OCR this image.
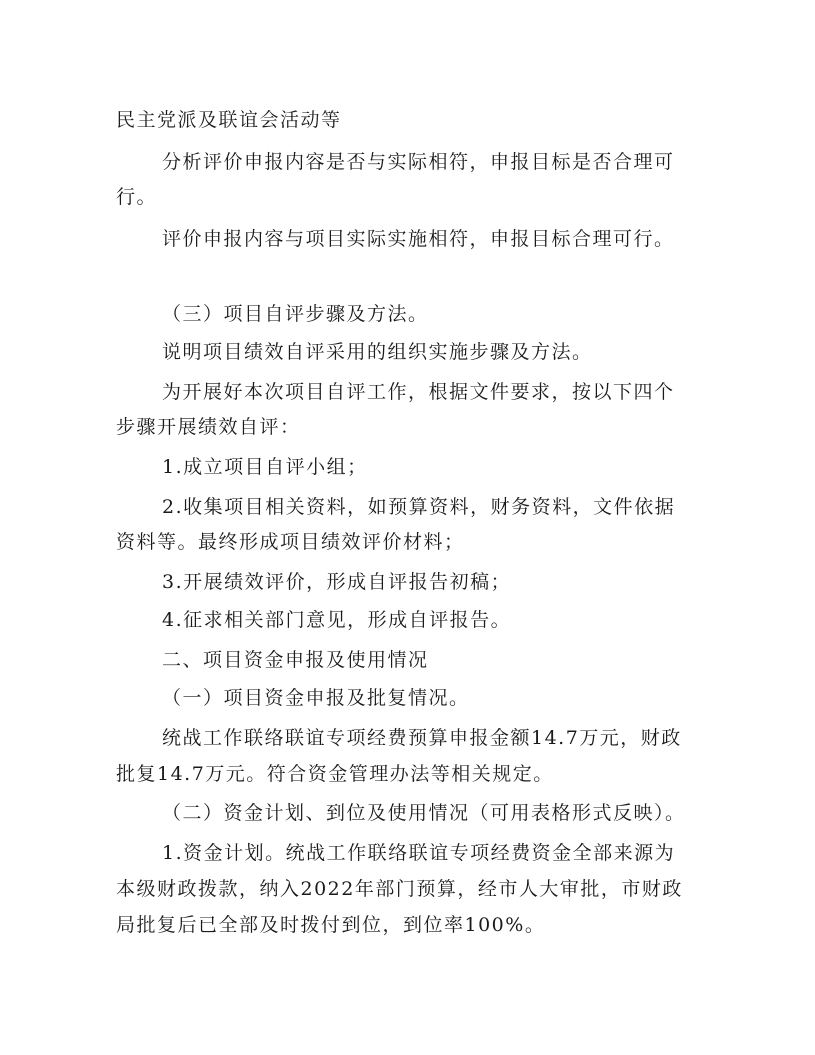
民主党派及联谊会活动等
分析评价申报内容是否与实际相符，申报目标是否合理可
行。
评价申报内容与项目实际实施相符，申报目标合理可行。
（三）项目自评步骤及方法。
说明项目绩效自评采用的组织实施步骤及方法。
为开展好本次项目自评工作，根据文件要求，按以下四个
步骤开展绩效自评：
1.成立项目自评小组；
2.收集项目相关资料，如预算资料，财务资料，文件依据
资料等。最终形成项目绩效评价材料；
3.开展绩效评价，形成自评报告初稿；
4.征求相关部门意见，形成自评报告。
二、项目资金申报及使用情况
（一）项目资金申报及批复情况。
统战工作联络联谊专项经费预算申报金额14.7万元，财政
批复14.7万元。符合资金管理办法等相关规定。
（二）资金计划、到位及使用情况（可用表格形式反映）。
1.资金计划。统战工作联络联谊专项经费资金全部来源为
本级财政拨款，纳入2022年部门预算，经市人大审批，市财政
局批复后已全部及时拨付到位，到位率100%。
